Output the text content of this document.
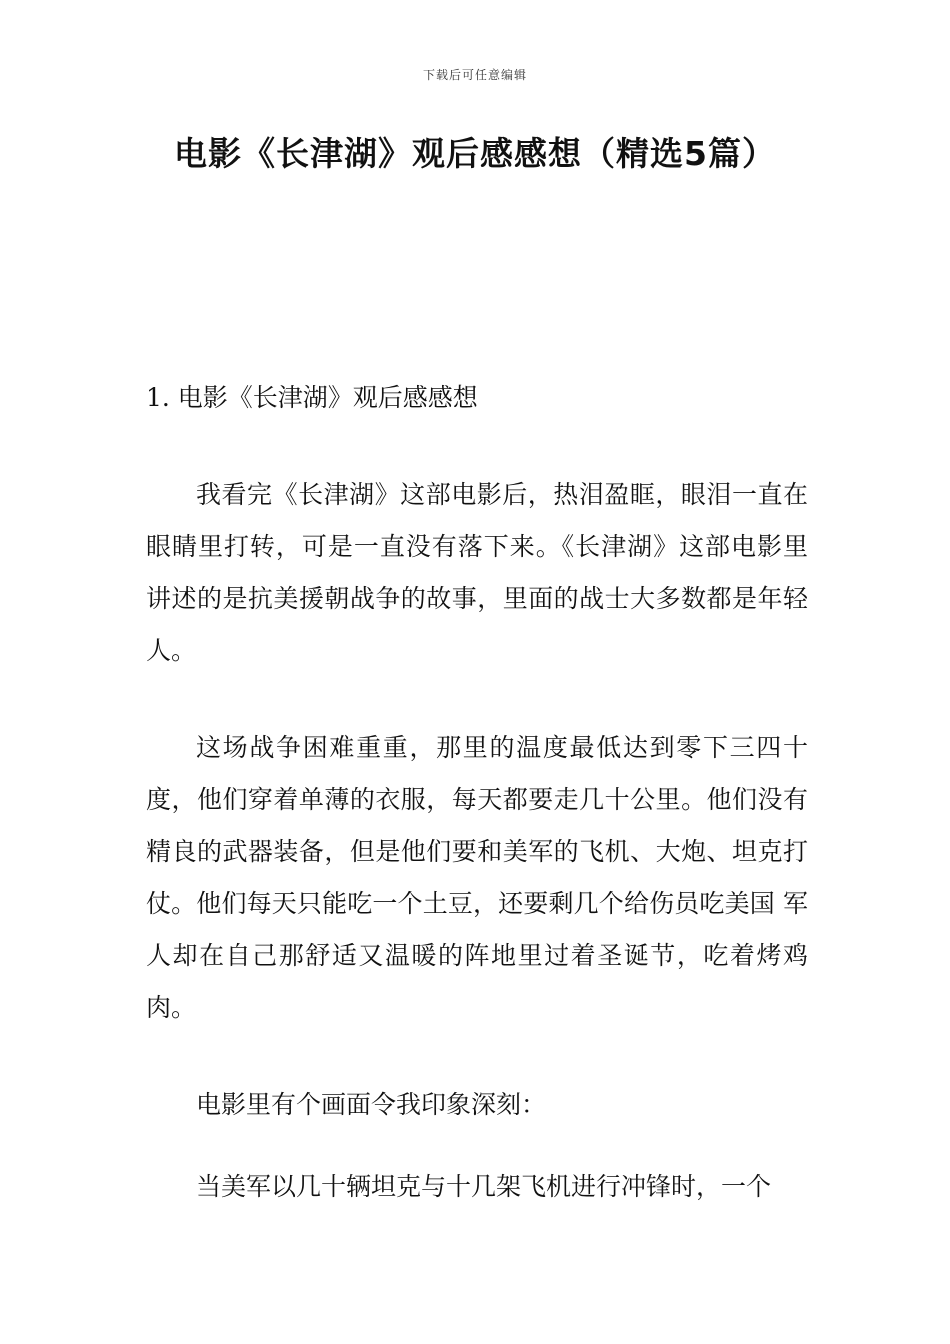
下载后可任意编辑
电影《长津湖》观后感感想（精选5篇）
1. 电影《长津湖》观后感感想

我看完《长津湖》这部电影后，热泪盈眶，眼泪一直在眼睛里打转，可是一直没有落下来。《长津湖》这部电影里讲述的是抗美援朝战争的故事，里面的战士大多数都是年轻人。

这场战争困难重重，那里的温度最低达到零下三四十度，他们穿着单薄的衣服，每天都要走几十公里。他们没有精良的武器装备，但是他们要和美军的飞机、大炮、坦克打仗。他们每天只能吃一个土豆，还要剩几个给伤员吃美国 军人却在自己那舒适又温暖的阵地里过着圣诞节，吃着烤鸡肉。

电影里有个画面令我印象深刻：

当美军以几十辆坦克与十几架飞机进行冲锋时，一个
